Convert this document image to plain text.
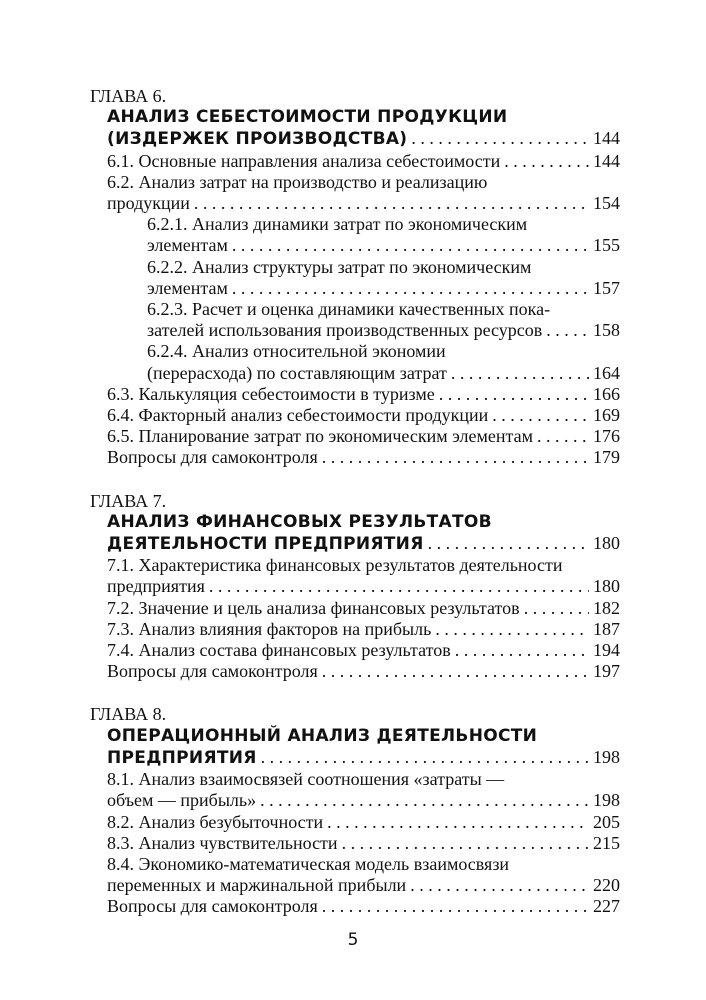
ГЛАВА 6.
АНАЛИЗ СЕБЕСТОИМОСТИ ПРОДУКЦИИ
(ИЗДЕРЖЕК ПРОИЗВОДСТВА) . . .	144
6.1. Основные направления анализа себестоимости . . .	144
6.2. Анализ затрат на производство и реализацию
продукции . . .	154
6.2.1. Анализ динамики затрат по экономическим
элементам . . .	155
6.2.2. Анализ структуры затрат по экономическим
элементам . . .	157
6.2.3. Расчет и оценка динамики качественных пока-
зателей использования производственных ресурсов . . .	158
6.2.4. Анализ относительной экономии
(перерасхода) по составляющим затрат . . .	164
6.3. Калькуляция себестоимости в туризме . . .	166
6.4. Факторный анализ себестоимости продукции . . .	169
6.5. Планирование затрат по экономическим элементам . . .	176
Вопросы для самоконтроля . . .	179
ГЛАВА 7.
АНАЛИЗ ФИНАНСОВЫХ РЕЗУЛЬТАТОВ
ДЕЯТЕЛЬНОСТИ ПРЕДПРИЯТИЯ . . .	180
7.1. Характеристика финансовых результатов деятельности
предприятия . . .	180
7.2. Значение и цель анализа финансовых результатов . . .	182
7.3. Анализ влияния факторов на прибыль . . .	187
7.4. Анализ состава финансовых результатов . . .	194
Вопросы для самоконтроля . . .	197
ГЛАВА 8.
ОПЕРАЦИОННЫЙ АНАЛИЗ ДЕЯТЕЛЬНОСТИ
ПРЕДПРИЯТИЯ . . .	198
8.1. Анализ взаимосвязей соотношения «затраты —
объем — прибыль» . . .	198
8.2. Анализ безубыточности . . .	205
8.3. Анализ чувствительности . . .	215
8.4. Экономико-математическая модель взаимосвязи
переменных и маржинальной прибыли . . .	220
Вопросы для самоконтроля . . .	227
5
